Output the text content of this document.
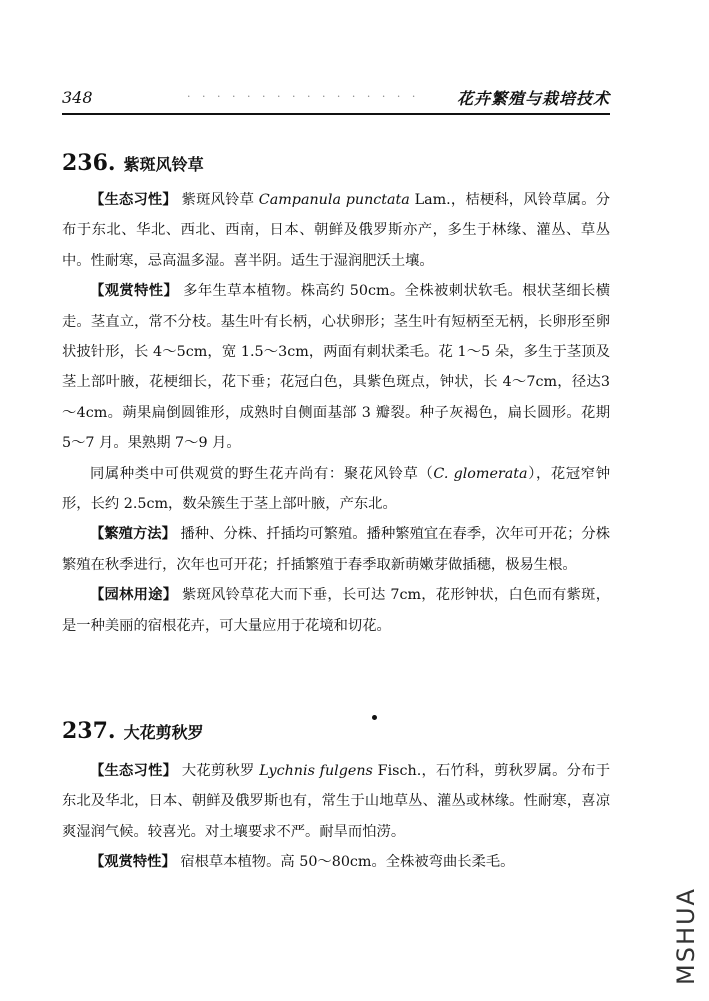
348	· · · · · · · · · · · · · · · · 花卉繁殖与栽培技术
236. 紫斑风铃草

【生态习性】 紫斑风铃草 Campanula punctata Lam.，桔梗科，风铃草属。分布于东北、华北、西北、西南，日本、朝鲜及俄罗斯亦产，多生于林缘、灌丛、草丛中。性耐寒，忌高温多湿。喜半阴。适生于湿润肥沃土壤。

【观赏特性】 多年生草本植物。株高约 50cm。全株被刺状软毛。根状茎细长横走。茎直立，常不分枝。基生叶有长柄，心状卵形；茎生叶有短柄至无柄，长卵形至卵状披针形，长 4～5cm，宽 1.5～3cm，两面有刺状柔毛。花 1～5 朵，多生于茎顶及茎上部叶腋，花梗细长，花下垂；花冠白色，具紫色斑点，钟状，长 4～7cm，径达3～4cm。蒴果扁倒圆锥形，成熟时自侧面基部 3 瓣裂。种子灰褐色，扁长圆形。花期 5～7 月。果熟期 7～9 月。

同属种类中可供观赏的野生花卉尚有：聚花风铃草（C. glomerata），花冠窄钟形，长约 2.5cm，数朵簇生于茎上部叶腋，产东北。

【繁殖方法】 播种、分株、扦插均可繁殖。播种繁殖宜在春季，次年可开花；分株繁殖在秋季进行，次年也可开花；扦插繁殖于春季取新萌嫩芽做插穗，极易生根。

【园林用途】 紫斑风铃草花大而下垂，长可达 7cm，花形钟状，白色而有紫斑，是一种美丽的宿根花卉，可大量应用于花境和切花。

237. 大花剪秋罗

【生态习性】 大花剪秋罗 Lychnis fulgens Fisch.，石竹科，剪秋罗属。分布于东北及华北，日本、朝鲜及俄罗斯也有，常生于山地草丛、灌丛或林缘。性耐寒，喜凉爽湿润气候。较喜光。对土壤要求不严。耐旱而怕涝。

【观赏特性】 宿根草本植物。高 50～80cm。全株被弯曲长柔毛。

MSHUA
